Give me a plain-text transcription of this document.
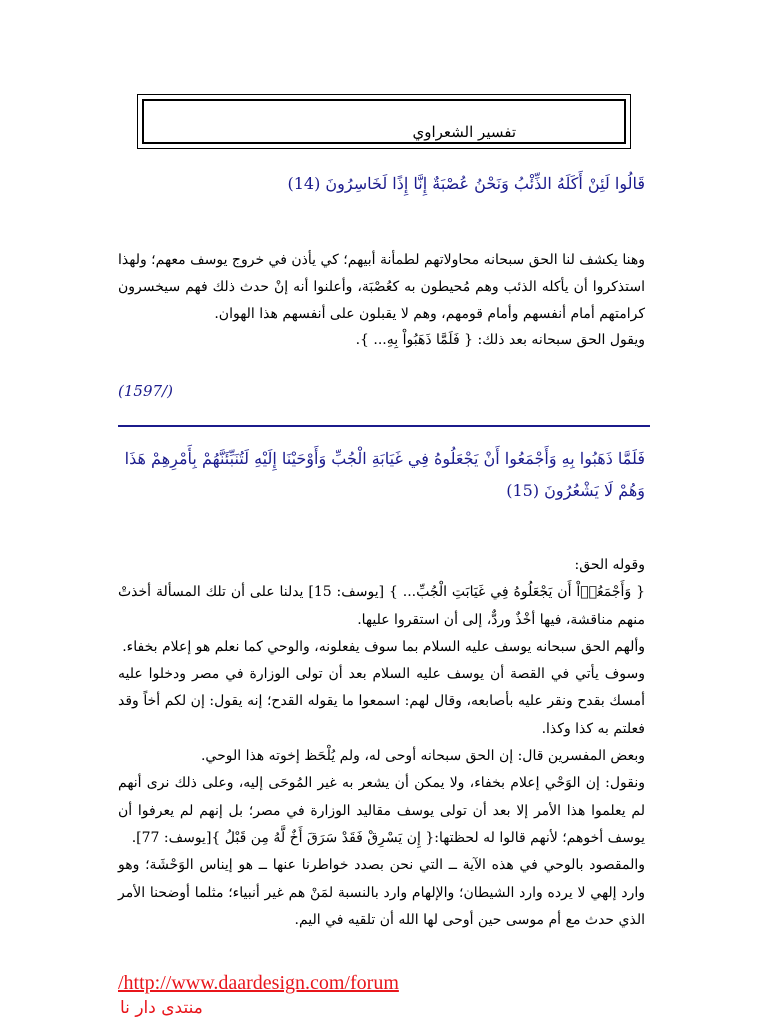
تفسير الشعراوي
قَالُوا لَئِنْ أَكَلَهُ الذِّئْبُ وَنَحْنُ عُصْبَةٌ إِنَّا إِذًا لَخَاسِرُونَ (14)

وهنا يكشف لنا الحق سبحانه محاولاتهم لطمأنة أبيهم؛ كي يأذن في خروج يوسف معهم؛ ولهذا استذكروا أن يأكله الذئب وهم مُحيطون به كعُصْبَة، وأعلنوا أنه إنْ حدث ذلك فهم سيخسرون كرامتهم أمام أنفسهم وأمام قومهم، وهم لا يقبلون على أنفسهم هذا الهوان.

ويقول الحق سبحانه بعد ذلك: { فَلَمَّا ذَهَبُواْ بِهِ... }.

(1597/)
فَلَمَّا ذَهَبُوا بِهِ وَأَجْمَعُوا أَنْ يَجْعَلُوهُ فِي غَيَابَةِ الْجُبِّ وَأَوْحَيْنَا إِلَيْهِ لَتُنَبِّئَنَّهُمْ بِأَمْرِهِمْ هَذَا وَهُمْ لَا يَشْعُرُونَ (15)

وقوله الحق:

{ وَأَجْمَعُوۤاْ أَن يَجْعَلُوهُ فِي غَيَابَتِ الْجُبِّ... } [يوسف: 15] يدلنا على أن تلك المسألة أخذتْ منهم مناقشة، فيها أخْذٌ وردٌّ، إلى أن استقروا عليها.

وألهم الحق سبحانه يوسف عليه السلام بما سوف يفعلونه، والوحي كما نعلم هو إعلام بخفاء.

وسوف يأتي في القصة أن يوسف عليه السلام بعد أن تولى الوزارة في مصر ودخلوا عليه أمسك بقدح ونقر عليه بأصابعه، وقال لهم: اسمعوا ما يقوله القدح؛ إنه يقول: إن لكم أخاً وقد فعلتم به كذا وكذا.

وبعض المفسرين قال: إن الحق سبحانه أوحى له، ولم يُلْحَظ إخوته هذا الوحي.

ونقول: إن الوَحْي إعلام بخفاء، ولا يمكن أن يشعر به غير المُوحَى إليه، وعلى ذلك نرى أنهم لم يعلموا هذا الأمر إلا بعد أن تولى يوسف مقاليد الوزارة في مصر؛ بل إنهم لم يعرفوا أن يوسف أخوهم؛ لأنهم قالوا له لحظتها:{ إِن يَسْرِقْ فَقَدْ سَرَقَ أَخٌ لَّهُ مِن قَبْلُ }[يوسف: 77].

والمقصود بالوحي في هذه الآية ــ التي نحن بصدد خواطرنا عنها ــ هو إيناس الوَحْشَة؛ وهو وارد إلهي لا يرده وارد الشيطان؛ والإلهام وارد بالنسبة لمَنْ هم غير أنبياء؛ مثلما أوضحنا الأمر الذي حدث مع أم موسى حين أوحى لها الله أن تلقيه في اليم.

/http://www.daardesign.com/forum
منتدى دار نا
